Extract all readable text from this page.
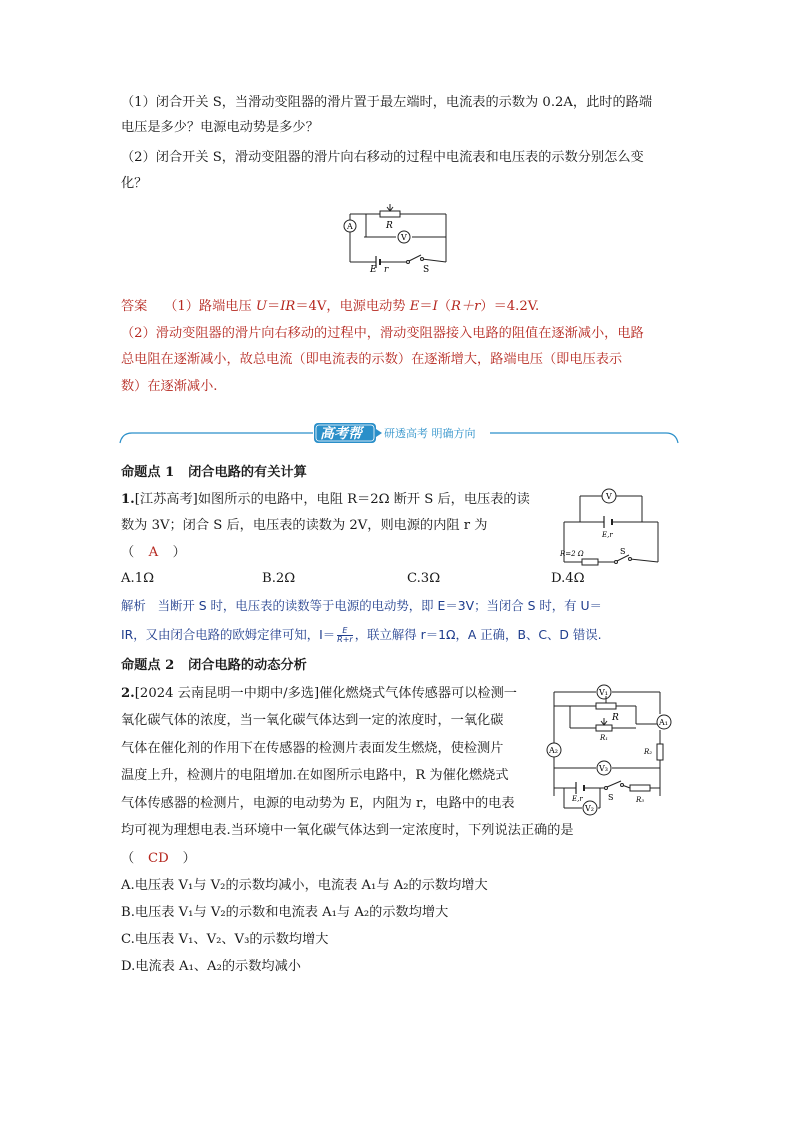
（1）闭合开关 S，当滑动变阻器的滑片置于最左端时，电流表的示数为 0.2A，此时的路端
电压是多少？电源电动势是多少？
（2）闭合开关 S，滑动变阻器的滑片向右移动的过程中电流表和电压表的示数分别怎么变
化？
A
V
R
E r	S
答案 （1）路端电压 U＝IR＝4V，电源电动势 E＝I（R＋r）＝4.2V.
（2）滑动变阻器的滑片向右移动的过程中，滑动变阻器接入电路的阻值在逐渐减小，电路
总电阻在逐渐减小，故总电流（即电流表的示数）在逐渐增大，路端电压（即电压表示
数）在逐渐减小.
高考帮 研透高考 明确方向
命题点 1 闭合电路的有关计算
1.[江苏高考]如图所示的电路中，电阻 R＝2Ω 断开 S 后，电压表的读
数为 3V；闭合 S 后，电压表的读数为 2V，则电源的内阻 r 为
（ A ）
A.1Ω	B.2Ω	C.3Ω	D.4Ω
V
E,r
R=2 Ω	S
解析 当断开 S 时，电压表的读数等于电源的电动势，即 E＝3V；当闭合 S 时，有 U＝
IR，又由闭合电路的欧姆定律可知，$I= \frac{E}{R+r}$ ，联立解得 r＝1Ω，A 正确，B、C、D 错误.
命题点 2 闭合电路的动态分析
2.[2024 云南昆明一中期中/多选]催化燃烧式气体传感器可以检测一
氧化碳气体的浓度，当一氧化碳气体达到一定的浓度时，一氧化碳
气体在催化剂的作用下在传感器的检测片表面发生燃烧，使检测片
温度上升，检测片的电阻增加.在如图所示电路中，R 为催化燃烧式
气体传感器的检测片，电源的电动势为 E，内阻为 r，电路中的电表
均可视为理想电表.当环境中一氧化碳气体达到一定浓度时，下列说法正确的是
（ CD ）
A.电压表 V₁与 V₂的示数均减小，电流表 A₁与 A₂的示数均增大
B.电压表 V₁与 V₂的示数和电流表 A₁与 A₂的示数均增大
C.电压表 V₁、V₂、V₃的示数均增大
D.电流表 A₁、A₂的示数均减小
V₁
R	A₁
R₁
A₂	R₂
V₃
E,r	S	R₃
V₂
